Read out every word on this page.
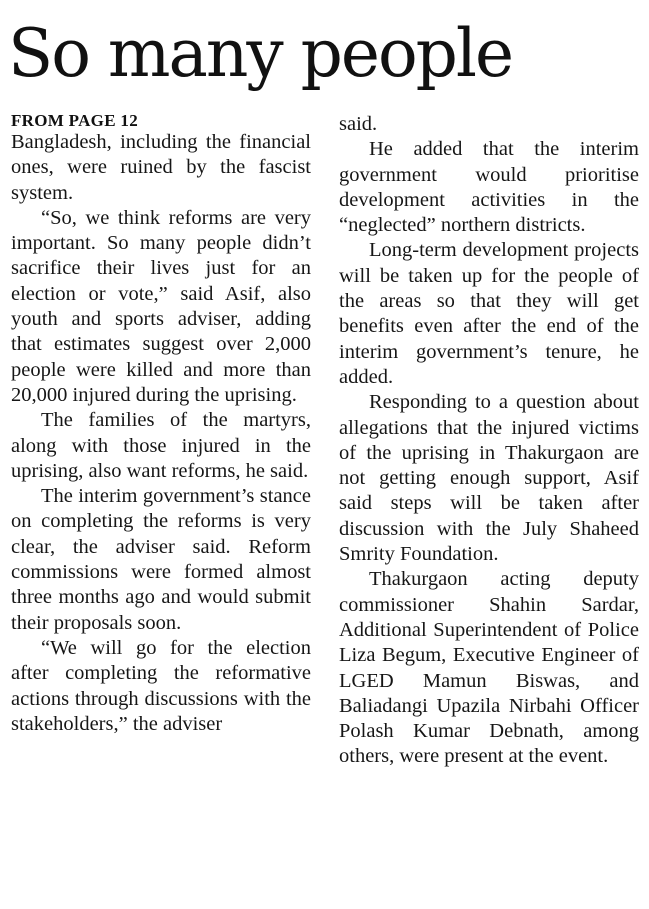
So many people
FROM PAGE 12

Bangladesh, including the financial ones, were ruined by the fascist system.

“So, we think reforms are very important. So many people didn’t sacrifice their lives just for an election or vote,” said Asif, also youth and sports adviser, adding that estimates suggest over 2,000 people were killed and more than 20,000 injured during the uprising.

The families of the martyrs, along with those injured in the uprising, also want reforms, he said.

The interim government’s stance on completing the reforms is very clear, the adviser said. Reform commissions were formed almost three months ago and would submit their proposals soon.

“We will go for the election after completing the reformative actions through discussions with the stakeholders,” the adviser

said.

He added that the interim government would prioritise development activities in the “neglected” northern districts.

Long-term development projects will be taken up for the people of the areas so that they will get benefits even after the end of the interim government’s tenure, he added.

Responding to a question about allegations that the injured victims of the uprising in Thakurgaon are not getting enough support, Asif said steps will be taken after discussion with the July Shaheed Smrity Foundation.

Thakurgaon acting deputy commissioner Shahin Sardar, Additional Superintendent of Police Liza Begum, Executive Engineer of LGED Mamun Biswas, and Baliadangi Upazila Nirbahi Officer Polash Kumar Debnath, among others, were present at the event.
